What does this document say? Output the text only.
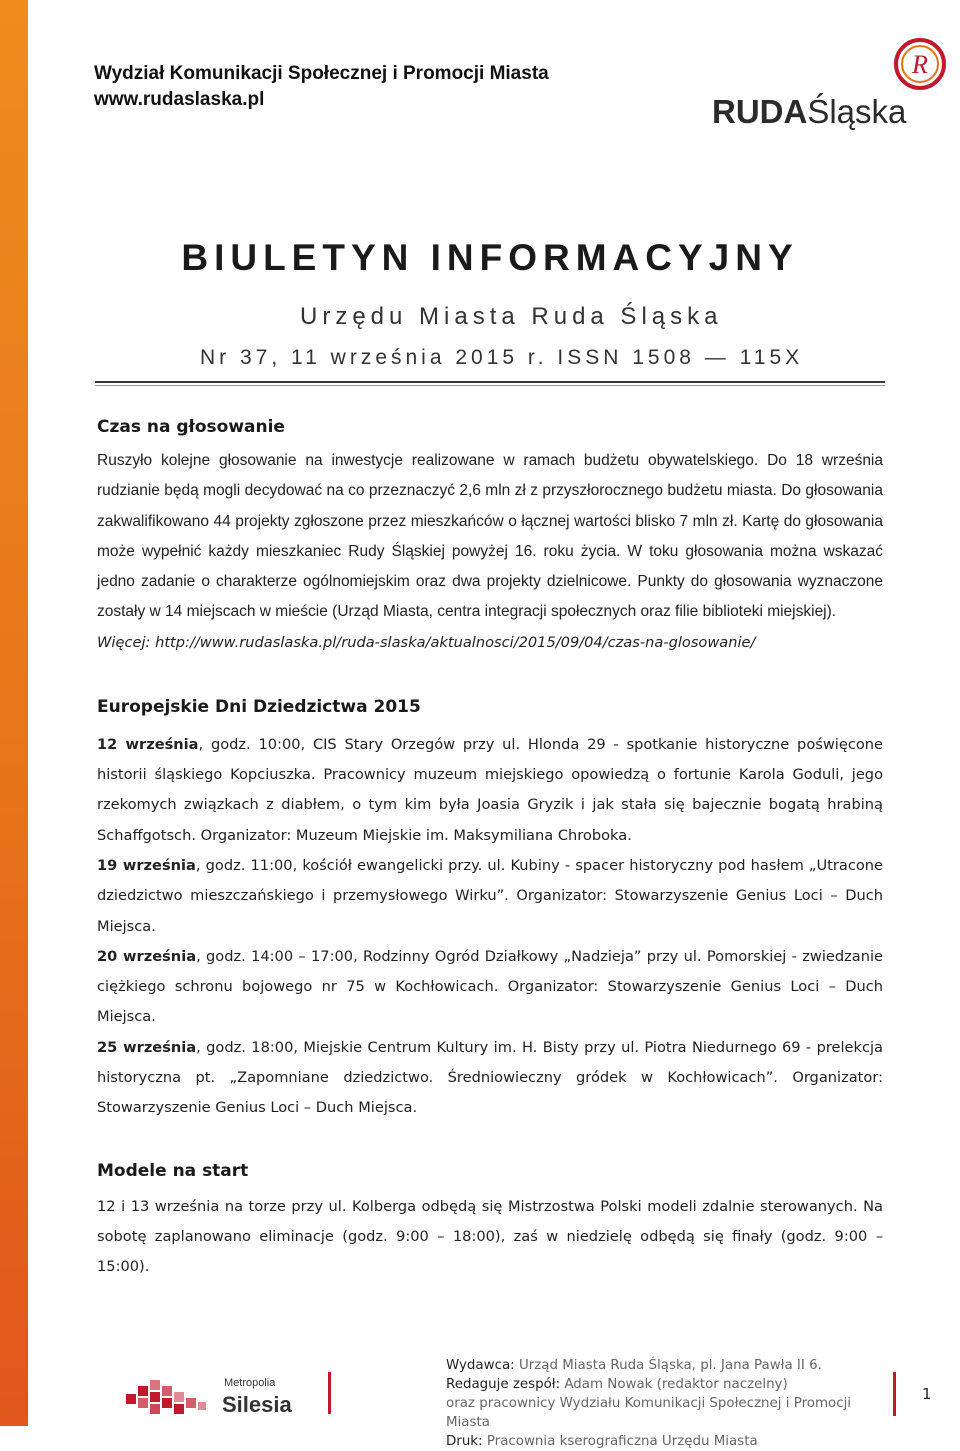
Wydział Komunikacji Społecznej i Promocji Miasta
www.rudaslaska.pl
R
RUDAŚląska
BIULETYN INFORMACYJNY
Urzędu Miasta Ruda Śląska
Nr 37, 11 września 2015 r. ISSN 1508 — 115X
Czas na głosowanie

Ruszyło kolejne głosowanie na inwestycje realizowane w ramach budżetu obywatelskiego. Do 18 września rudzianie będą mogli decydować na co przeznaczyć 2,6 mln zł z przyszłorocznego budżetu miasta. Do głosowania zakwalifikowano 44 projekty zgłoszone przez mieszkańców o łącznej wartości blisko 7 mln zł. Kartę do głosowania może wypełnić każdy mieszkaniec Rudy Śląskiej powyżej 16. roku życia. W toku głosowania można wskazać jedno zadanie o charakterze ogólnomiejskim oraz dwa projekty dzielnicowe. Punkty do głosowania wyznaczone zostały w 14 miejscach w mieście (Urząd Miasta, centra integracji społecznych oraz filie biblioteki miejskiej).

Więcej: http://www.rudaslaska.pl/ruda-slaska/aktualnosci/2015/09/04/czas-na-glosowanie/

Europejskie Dni Dziedzictwa 2015

12 września, godz. 10:00, CIS Stary Orzegów przy ul. Hlonda 29 - spotkanie historyczne poświęcone historii śląskiego Kopciuszka. Pracownicy muzeum miejskiego opowiedzą o fortunie Karola Goduli, jego rzekomych związkach z diabłem, o tym kim była Joasia Gryzik i jak stała się bajecznie bogatą hrabiną Schaffgotsch. Organizator: Muzeum Miejskie im. Maksymiliana Chroboka.

19 września, godz. 11:00, kościół ewangelicki przy. ul. Kubiny - spacer historyczny pod hasłem „Utracone dziedzictwo mieszczańskiego i przemysłowego Wirku”. Organizator: Stowarzyszenie Genius Loci – Duch Miejsca.

20 września, godz. 14:00 – 17:00, Rodzinny Ogród Działkowy „Nadzieja” przy ul. Pomorskiej - zwiedzanie ciężkiego schronu bojowego nr 75 w Kochłowicach. Organizator: Stowarzyszenie Genius Loci – Duch Miejsca.

25 września, godz. 18:00, Miejskie Centrum Kultury im. H. Bisty przy ul. Piotra Niedurnego 69 - prelekcja historyczna pt. „Zapomniane dziedzictwo. Średniowieczny gródek w Kochłowicach”. Organizator: Stowarzyszenie Genius Loci – Duch Miejsca.

Modele na start

12 i 13 września na torze przy ul. Kolberga odbędą się Mistrzostwa Polski modeli zdalnie sterowanych. Na sobotę zaplanowano eliminacje (godz. 9:00 – 18:00), zaś w niedzielę odbędą się finały (godz. 9:00 – 15:00).

Metropolia
Silesia
Wydawca: Urząd Miasta Ruda Śląska, pl. Jana Pawła II 6.
Redaguje zespół: Adam Nowak (redaktor naczelny)
oraz pracownicy Wydziału Komunikacji Społecznej i Promocji Miasta
Druk: Pracownia kserograficzna Urzędu Miasta
1
